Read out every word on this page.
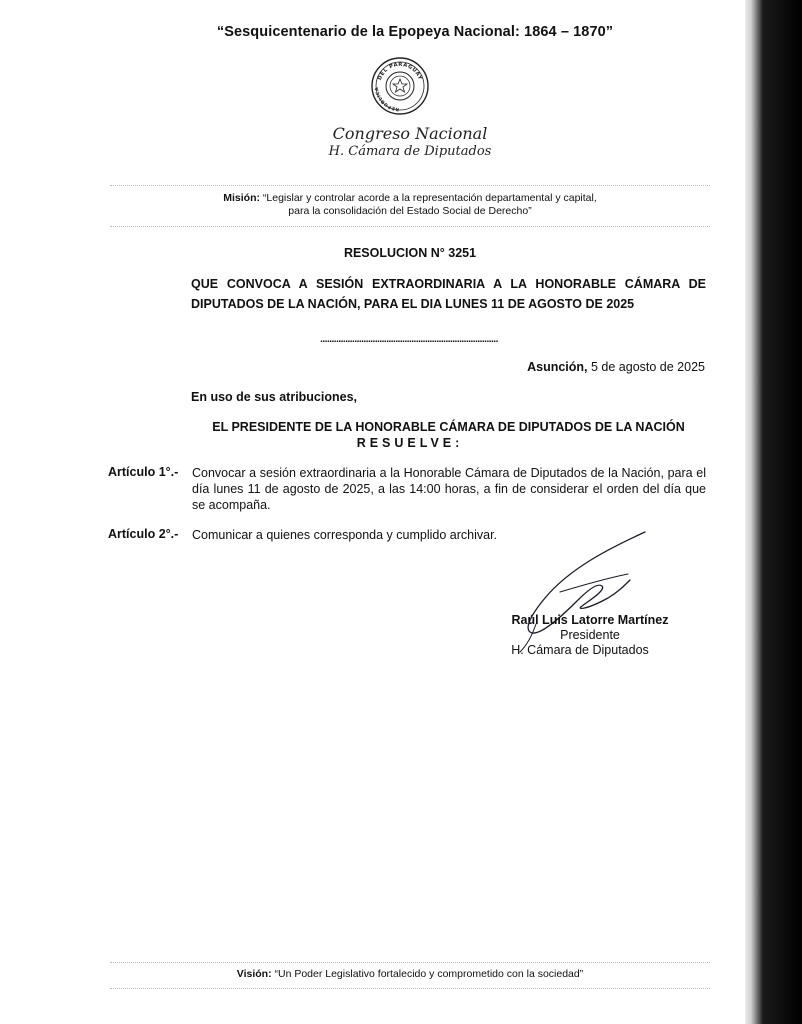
“Sesquicentenario de la Epopeya Nacional: 1864 – 1870”
DEL PARAGUAY
REPUBLICA
Congreso Nacional
H. Cámara de Diputados
Misión: “Legislar y controlar acorde a la representación departamental y capital,
para la consolidación del Estado Social de Derecho”
RESOLUCION N° 3251
QUE CONVOCA A SESIÓN EXTRAORDINARIA A LA HONORABLE CÁMARA DE DIPUTADOS DE LA NACIÓN, PARA EL DIA LUNES 11 DE AGOSTO DE 2025
..............................................................................
Asunción, 5 de agosto de 2025
En uso de sus atribuciones,
EL PRESIDENTE DE LA HONORABLE CÁMARA DE DIPUTADOS DE LA NACIÓN
RESUELVE:
Artículo 1°.-	Convocar a sesión extraordinaria a la Honorable Cámara de Diputados de la Nación, para el día lunes 11 de agosto de 2025, a las 14:00 horas, a fin de considerar el orden del día que se acompaña.
Artículo 2°.-	Comunicar a quienes corresponda y cumplido archivar.
Raúl Luis Latorre Martínez
Presidente
H. Cámara de Diputados
Visión: “Un Poder Legislativo fortalecido y comprometido con la sociedad”
